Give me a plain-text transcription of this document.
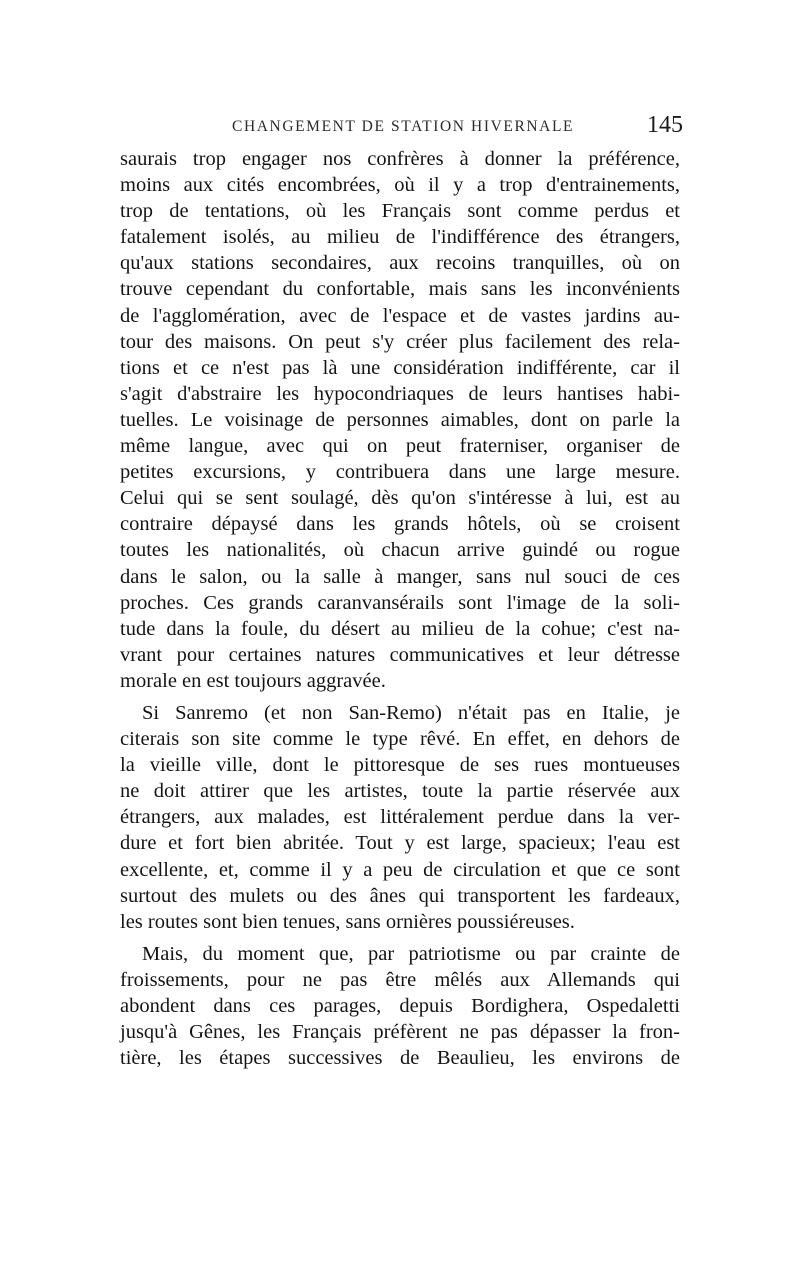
CHANGEMENT DE STATION HIVERNALE	145
saurais trop engager nos confrères à donner la préférence,
moins aux cités encombrées, où il y a trop d'entrainements,
trop de tentations, où les Français sont comme perdus et
fatalement isolés, au milieu de l'indifférence des étrangers,
qu'aux stations secondaires, aux recoins tranquilles, où on
trouve cependant du confortable, mais sans les inconvénients
de l'agglomération, avec de l'espace et de vastes jardins au-
tour des maisons. On peut s'y créer plus facilement des rela-
tions et ce n'est pas là une considération indifférente, car il
s'agit d'abstraire les hypocondriaques de leurs hantises habi-
tuelles. Le voisinage de personnes aimables, dont on parle la
même langue, avec qui on peut fraterniser, organiser de
petites excursions, y contribuera dans une large mesure.
Celui qui se sent soulagé, dès qu'on s'intéresse à lui, est au
contraire dépaysé dans les grands hôtels, où se croisent
toutes les nationalités, où chacun arrive guindé ou rogue
dans le salon, ou la salle à manger, sans nul souci de ces
proches. Ces grands caranvansérails sont l'image de la soli-
tude dans la foule, du désert au milieu de la cohue; c'est na-
vrant pour certaines natures communicatives et leur détresse
morale en est toujours aggravée.
Si Sanremo (et non San-Remo) n'était pas en Italie, je
citerais son site comme le type rêvé. En effet, en dehors de
la vieille ville, dont le pittoresque de ses rues montueuses
ne doit attirer que les artistes, toute la partie réservée aux
étrangers, aux malades, est littéralement perdue dans la ver-
dure et fort bien abritée. Tout y est large, spacieux; l'eau est
excellente, et, comme il y a peu de circulation et que ce sont
surtout des mulets ou des ânes qui transportent les fardeaux,
les routes sont bien tenues, sans ornières poussiéreuses.
Mais, du moment que, par patriotisme ou par crainte de
froissements, pour ne pas être mêlés aux Allemands qui
abondent dans ces parages, depuis Bordighera, Ospedaletti
jusqu'à Gênes, les Français préfèrent ne pas dépasser la fron-
tière, les étapes successives de Beaulieu, les environs de
